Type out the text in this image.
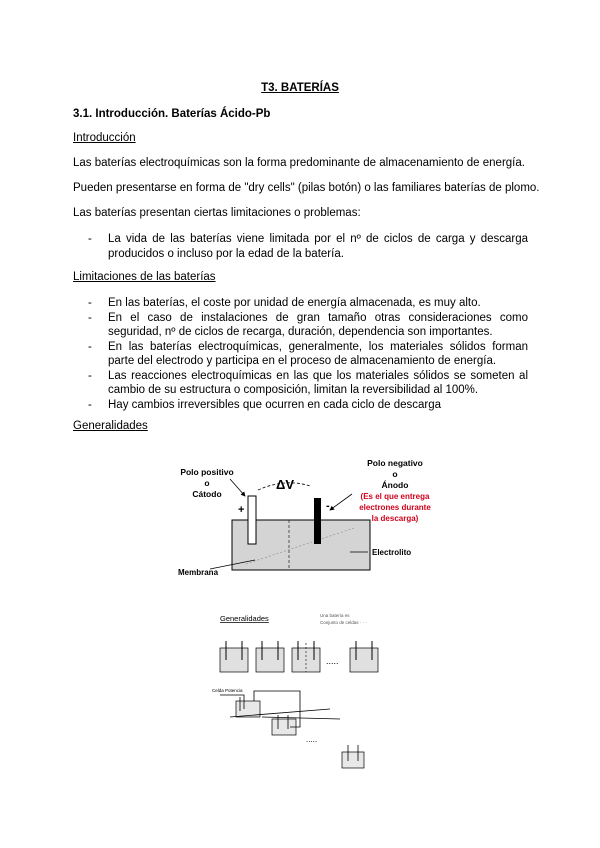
T3. BATERÍAS
3.1. Introducción. Baterías Ácido-Pb
Introducción
Las baterías electroquímicas son la forma predominante de almacenamiento de energía.
Pueden presentarse en forma de "dry cells" (pilas botón) o las familiares baterías de plomo.
Las baterías presentan ciertas limitaciones o problemas:
- La vida de las baterías viene limitada por el nº de ciclos de carga y descarga producidos o incluso por la edad de la batería.
Limitaciones de las baterías
- En las baterías, el coste por unidad de energía almacenada, es muy alto.
- En el caso de instalaciones de gran tamaño otras consideraciones como seguridad, nº de ciclos de recarga, duración, dependencia son importantes.
- En las baterías electroquímicas, generalmente, los materiales sólidos forman parte del electrodo y participa en el proceso de almacenamiento de energía.
- Las reacciones electroquímicas en las que los materiales sólidos se someten al cambio de su estructura o composición, limitan la reversibilidad al 100%.
- Hay cambios irreversibles que ocurren en cada ciclo de descarga
Generalidades
Polo positivo
o
Cátodo
Polo negativo
o
Ánodo
(Es el que entrega
electrones durante
la descarga)
ΔV
+	-
Membrana
Electrolito
Generalidades	Una batería es
Conjunto de celdas · · ·
.....
Celda Potencia
.....
